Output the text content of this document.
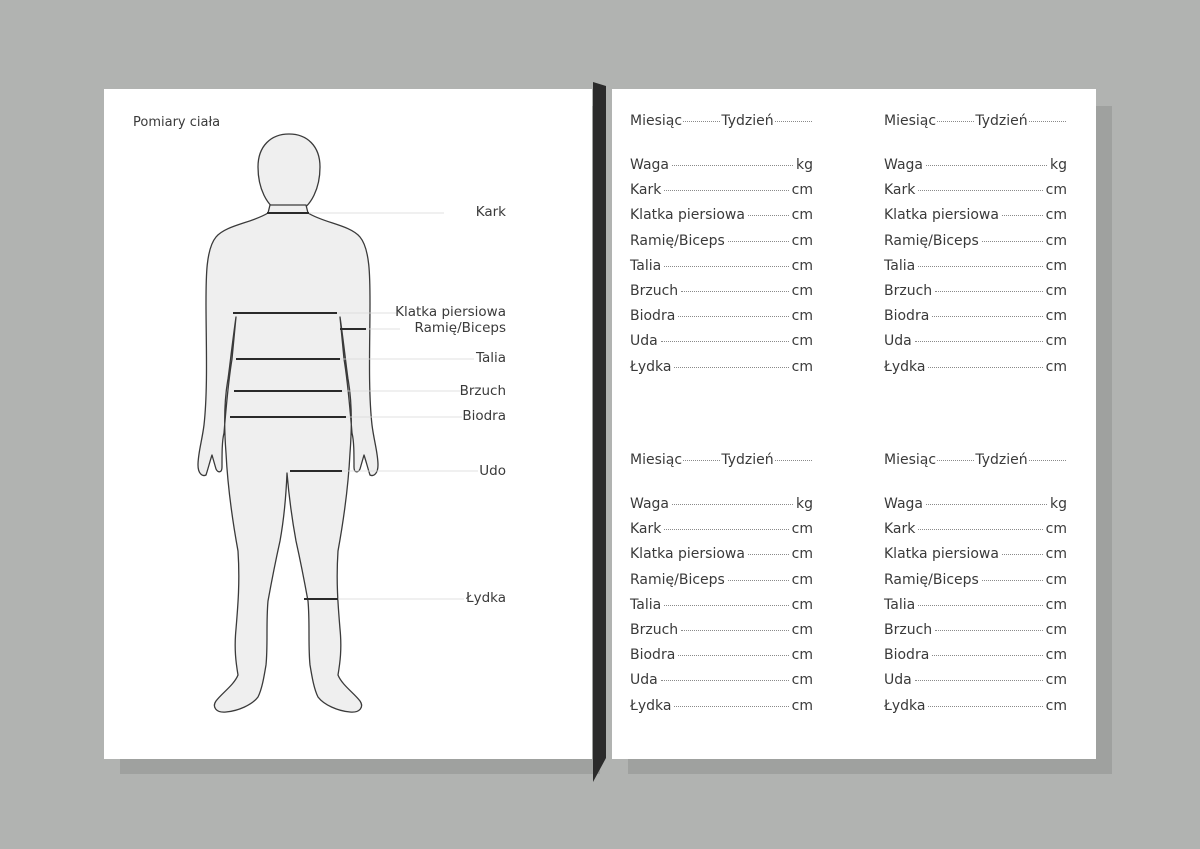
Pomiary ciała
Kark
Klatka piersiowa
Ramię/Biceps
Talia
Brzuch
Biodra
Udo
Łydka
Miesiąc	Tydzień
Waga	kg
Kark	cm
Klatka piersiowa	cm
Ramię/Biceps	cm
Talia	cm
Brzuch	cm
Biodra	cm
Uda	cm
Łydka	cm
Miesiąc	Tydzień
Waga	kg
Kark	cm
Klatka piersiowa	cm
Ramię/Biceps	cm
Talia	cm
Brzuch	cm
Biodra	cm
Uda	cm
Łydka	cm
Miesiąc	Tydzień
Waga	kg
Kark	cm
Klatka piersiowa	cm
Ramię/Biceps	cm
Talia	cm
Brzuch	cm
Biodra	cm
Uda	cm
Łydka	cm
Miesiąc	Tydzień
Waga	kg
Kark	cm
Klatka piersiowa	cm
Ramię/Biceps	cm
Talia	cm
Brzuch	cm
Biodra	cm
Uda	cm
Łydka	cm
